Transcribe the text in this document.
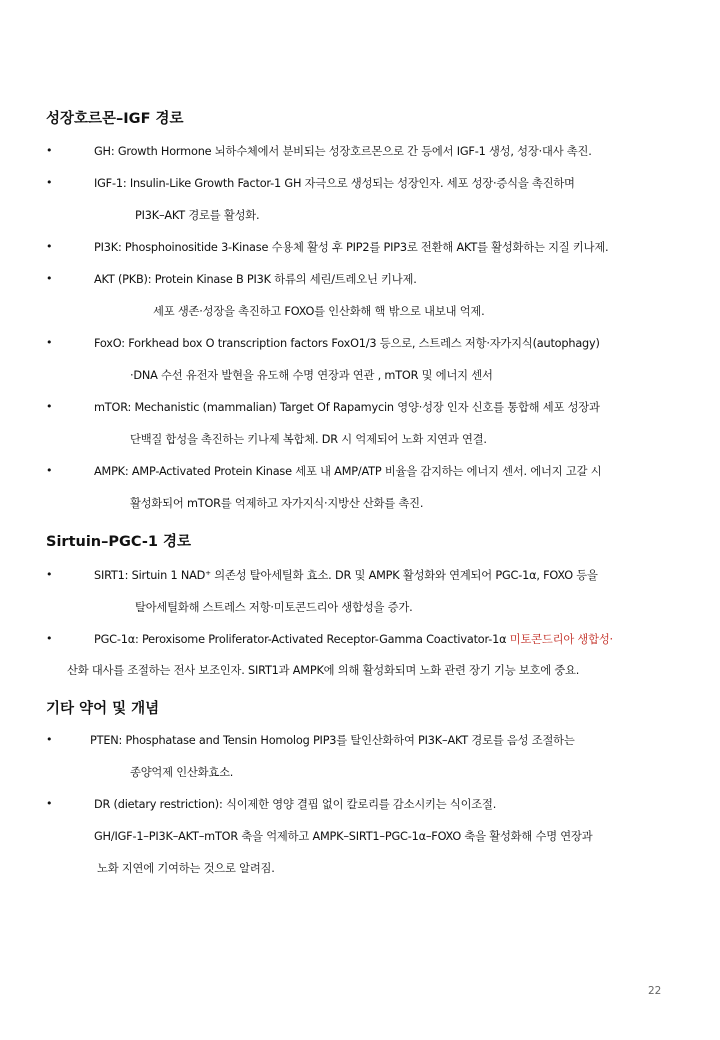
성장호르몬–IGF 경로
•	GH: Growth Hormone 뇌하수체에서 분비되는 성장호르몬으로 간 등에서 IGF-1 생성, 성장·대사 촉진.
•	IGF-1: Insulin-Like Growth Factor-1 GH 자극으로 생성되는 성장인자. 세포 성장·증식을 촉진하며
PI3K–AKT 경로를 활성화.
•	PI3K: Phosphoinositide 3-Kinase 수용체 활성 후 PIP2를 PIP3로 전환해 AKT를 활성화하는 지질 키나제.
•	AKT (PKB): Protein Kinase B PI3K 하류의 세린/트레오닌 키나제.
세포 생존·성장을 촉진하고 FOXO를 인산화해 핵 밖으로 내보내 억제.
•	FoxO: Forkhead box O transcription factors FoxO1/3 등으로, 스트레스 저항·자가지식(autophagy)
·DNA 수선 유전자 발현을 유도해 수명 연장과 연관 , mTOR 및 에너지 센서
•	mTOR: Mechanistic (mammalian) Target Of Rapamycin 영양·성장 인자 신호를 통합해 세포 성장과
단백질 합성을 촉진하는 키나제 복합체. DR 시 억제되어 노화 지연과 연결.
•	AMPK: AMP-Activated Protein Kinase 세포 내 AMP/ATP 비율을 감지하는 에너지 센서. 에너지 고갈 시
활성화되어 mTOR를 억제하고 자가지식·지방산 산화를 촉진.
Sirtuin–PGC-1 경로
•	SIRT1: Sirtuin 1 NAD⁺ 의존성 탈아세틸화 효소. DR 및 AMPK 활성화와 연계되어 PGC-1α, FOXO 등을
탈아세틸화해 스트레스 저항·미토콘드리아 생합성을 증가.
•	PGC-1α: Peroxisome Proliferator-Activated Receptor-Gamma Coactivator-1α 미토콘드리아 생합성·
산화 대사를 조절하는 전사 보조인자. SIRT1과 AMPK에 의해 활성화되며 노화 관련 장기 기능 보호에 중요.
기타 약어 및 개념
•	PTEN: Phosphatase and Tensin Homolog PIP3를 탈인산화하여 PI3K–AKT 경로를 음성 조절하는
종양억제 인산화효소.
•	DR (dietary restriction): 식이제한 영양 결핍 없이 칼로리를 감소시키는 식이조절.
GH/IGF-1–PI3K–AKT–mTOR 축을 억제하고 AMPK–SIRT1–PGC-1α–FOXO 축을 활성화해 수명 연장과
노화 지연에 기여하는 것으로 알려짐.
22
